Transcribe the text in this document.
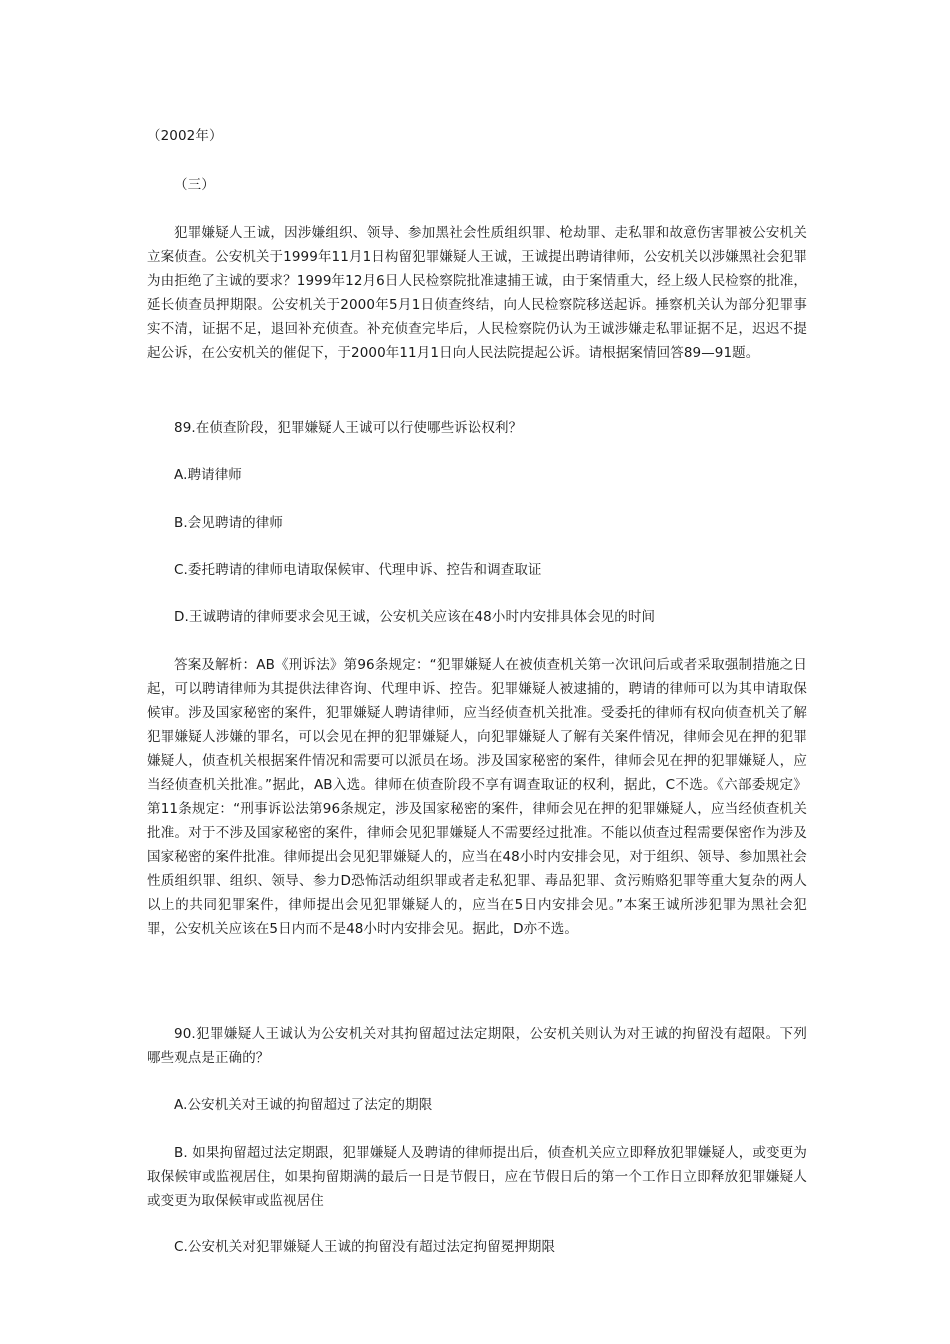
（2002年）

（三）

犯罪嫌疑人王诚，因涉嫌组织、领导、参加黑社会性质组织罪、枪劫罪、走私罪和故意伤害罪被公安机关立案侦查。公安机关于1999年11月1日构留犯罪嫌疑人王诚，王诚提出聘请律师，公安机关以涉嫌黑社会犯罪为由拒绝了主诚的要求？1999年12月6日人民检察院批准逮捕王诚，由于案情重大，经上级人民检察的批准，延长侦查员押期限。公安机关于2000年5月1日侦查终结，向人民检察院移送起诉。捶察机关认为部分犯罪事实不清，证据不足，退回补充侦查。补充侦查完毕后，人民检察院仍认为王诚涉嫌走私罪证据不足，迟迟不提起公诉，在公安机关的催促下，于2000年11月1日向人民法院提起公诉。请根据案情回答89—91题。

89.在侦查阶段，犯罪嫌疑人王诚可以行使哪些诉讼权利？

A.聘请律师

B.会见聘请的律师

C.委托聘请的律师电请取保候审、代理申诉、控告和调查取证

D.王诚聘请的律师要求会见王诚，公安机关应该在48小时内安排具体会见的时间

答案及解析：AB《刑诉法》第96条规定：“犯罪嫌疑人在被侦查机关第一次讯问后或者采取强制措施之日起，可以聘请律师为其提供法律咨询、代理申诉、控告。犯罪嫌疑人被逮捕的，聘请的律师可以为其申请取保候审。涉及国家秘密的案件，犯罪嫌疑人聘请律师，应当经侦查机关批准。受委托的律师有权向侦查机关了解犯罪嫌疑人涉嫌的罪名，可以会见在押的犯罪嫌疑人，向犯罪嫌疑人了解有关案件情况，律师会见在押的犯罪嫌疑人，侦查机关根据案件情况和需要可以派员在场。涉及国家秘密的案件，律师会见在押的犯罪嫌疑人，应当经侦查机关批准。”据此，AB入选。律师在侦查阶段不享有调查取证的权利，据此，C不选。《六部委规定》第11条规定：“刑事诉讼法第96条规定，涉及国家秘密的案件，律师会见在押的犯罪嫌疑人，应当经侦查机关批准。对于不涉及国家秘密的案件，律师会见犯罪嫌疑人不需要经过批准。不能以侦查过程需要保密作为涉及国家秘密的案件批准。律师提出会见犯罪嫌疑人的，应当在48小时内安排会见，对于组织、领导、参加黑社会性质组织罪、组织、领导、参力D恐怖活动组织罪或者走私犯罪、毒品犯罪、贪污贿赂犯罪等重大复杂的两人以上的共同犯罪案件，律师提出会见犯罪嫌疑人的，应当在5日内安排会见。”本案王诚所涉犯罪为黑社会犯罪，公安机关应该在5日内而不是48小时内安排会见。据此，D亦不选。

90.犯罪嫌疑人王诚认为公安机关对其拘留超过法定期限，公安机关则认为对王诚的拘留没有超限。下列哪些观点是正确的？

A.公安机关对王诚的拘留超过了法定的期限

B. 如果拘留超过法定期跟，犯罪嫌疑人及聘请的律师提出后，侦查机关应立即释放犯罪嫌疑人，或变更为取保候审或监视居住，如果拘留期满的最后一日是节假日，应在节假日后的第一个工作日立即释放犯罪嫌疑人或变更为取保候审或监视居住

C.公安机关对犯罪嫌疑人王诚的拘留没有超过法定拘留冕押期限
